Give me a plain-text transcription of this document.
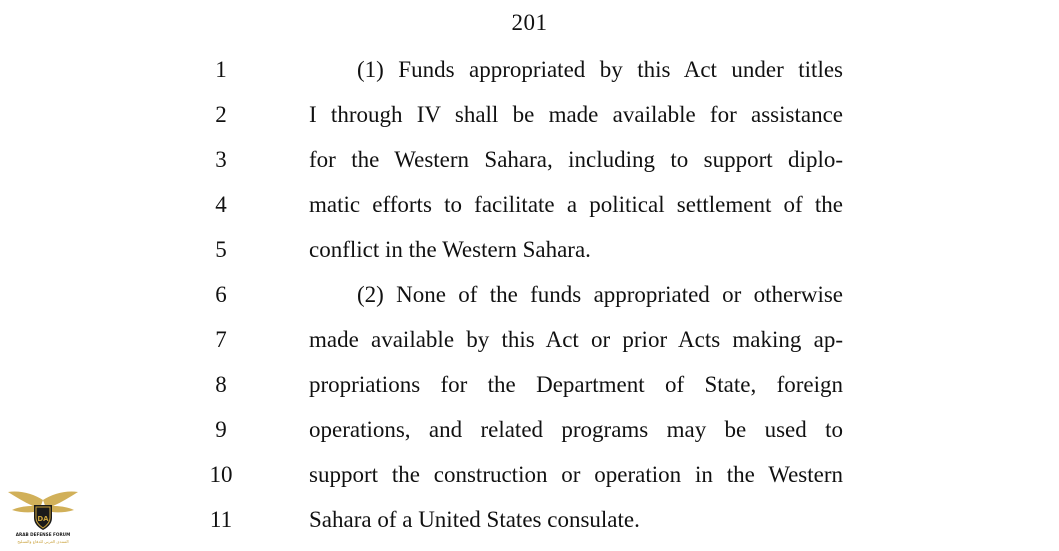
201
1	(1) Funds appropriated by this Act under titles
2	I through IV shall be made available for assistance
3	for the Western Sahara, including to support diplo-
4	matic efforts to facilitate a political settlement of the
5	conflict in the Western Sahara.
6	(2) None of the funds appropriated or otherwise
7	made available by this Act or prior Acts making ap-
8	propriations for the Department of State, foreign
9	operations, and related programs may be used to
10	support the construction or operation in the Western
11	Sahara of a United States consulate.
DA
ARAB DEFENSE FORUM
المنتدى العربي للدفاع والتسليح
